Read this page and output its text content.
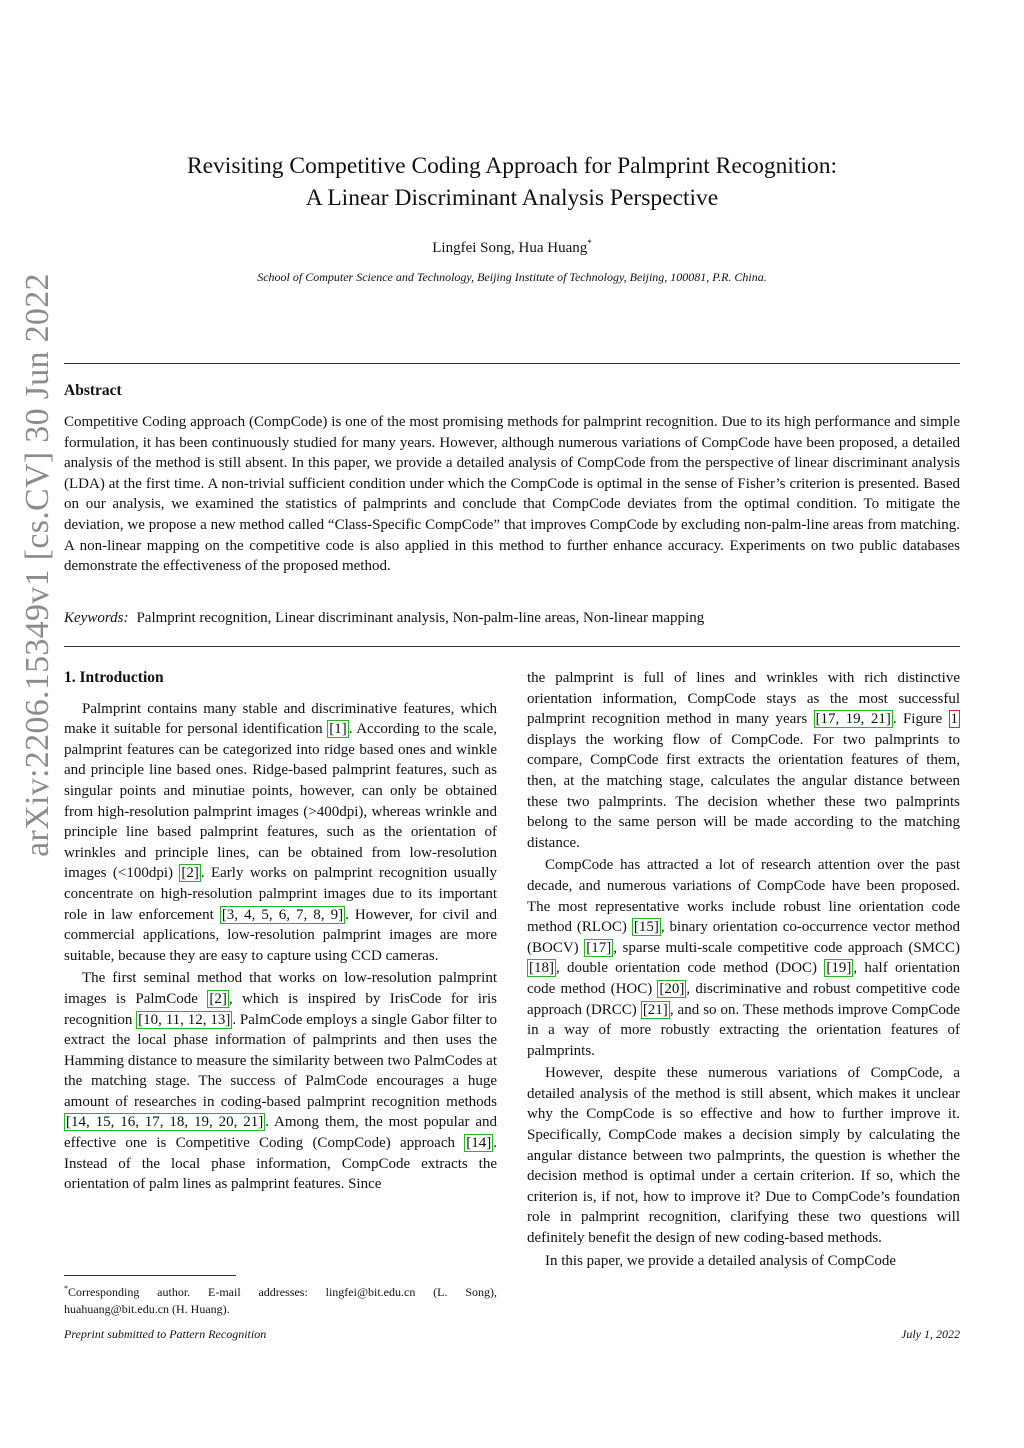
arXiv:2206.15349v1 [cs.CV] 30 Jun 2022
Revisiting Competitive Coding Approach for Palmprint Recognition:
A Linear Discriminant Analysis Perspective
Lingfei Song, Hua Huang*
School of Computer Science and Technology, Beijing Institute of Technology, Beijing, 100081, P.R. China.
Abstract
Competitive Coding approach (CompCode) is one of the most promising methods for palmprint recognition. Due to its high performance and simple formulation, it has been continuously studied for many years. However, although numerous variations of CompCode have been proposed, a detailed analysis of the method is still absent. In this paper, we provide a detailed analysis of CompCode from the perspective of linear discriminant analysis (LDA) at the first time. A non-trivial sufficient condition under which the CompCode is optimal in the sense of Fisher’s criterion is presented. Based on our analysis, we examined the statistics of palmprints and conclude that CompCode deviates from the optimal condition. To mitigate the deviation, we propose a new method called “Class-Specific CompCode” that improves CompCode by excluding non-palm-line areas from matching. A non-linear mapping on the competitive code is also applied in this method to further enhance accuracy. Experiments on two public databases demonstrate the effectiveness of the proposed method.
Keywords: Palmprint recognition, Linear discriminant analysis, Non-palm-line areas, Non-linear mapping
1. Introduction

Palmprint contains many stable and discriminative features, which make it suitable for personal identification [1] . According to the scale, palmprint features can be categorized into ridge based ones and winkle and principle line based ones. Ridge-based palmprint features, such as singular points and minutiae points, however, can only be obtained from high-resolution palmprint images (>400dpi), whereas wrinkle and principle line based palmprint features, such as the orientation of wrinkles and principle lines, can be obtained from low-resolution images (<100dpi) [2] . Early works on palmprint recognition usually concentrate on high-resolution palmprint images due to its important role in law enforcement [3, 4, 5, 6, 7, 8, 9] . However, for civil and commercial applications, low-resolution palmprint images are more suitable, because they are easy to capture using CCD cameras.

The first seminal method that works on low-resolution palmprint images is PalmCode [2] , which is inspired by IrisCode for iris recognition [10, 11, 12, 13] . PalmCode employs a single Gabor filter to extract the local phase information of palmprints and then uses the Hamming distance to measure the similarity between two PalmCodes at the matching stage. The success of PalmCode encourages a huge amount of researches in coding-based palmprint recognition methods [14, 15, 16, 17, 18, 19, 20, 21] . Among them, the most popular and effective one is Competitive Coding (CompCode) approach [14] . Instead of the local phase information, CompCode extracts the orientation of palm lines as palmprint features. Since

the palmprint is full of lines and wrinkles with rich distinctive orientation information, CompCode stays as the most successful palmprint recognition method in many years [17, 19, 21] . Figure 1 displays the working flow of CompCode. For two palmprints to compare, CompCode first extracts the orientation features of them, then, at the matching stage, calculates the angular distance between these two palmprints. The decision whether these two palmprints belong to the same person will be made according to the matching distance.

CompCode has attracted a lot of research attention over the past decade, and numerous variations of CompCode have been proposed. The most representative works include robust line orientation code method (RLOC) [15] , binary orientation co-occurrence vector method (BOCV) [17] , sparse multi-scale competitive code approach (SMCC) [18] , double orientation code method (DOC) [19] , half orientation code method (HOC) [20] , discriminative and robust competitive code approach (DRCC) [21] , and so on. These methods improve CompCode in a way of more robustly extracting the orientation features of palmprints.

However, despite these numerous variations of CompCode, a detailed analysis of the method is still absent, which makes it unclear why the CompCode is so effective and how to further improve it. Specifically, CompCode makes a decision simply by calculating the angular distance between two palmprints, the question is whether the decision method is optimal under a certain criterion. If so, which the criterion is, if not, how to improve it? Due to CompCode’s foundation role in palmprint recognition, clarifying these two questions will definitely benefit the design of new coding-based methods.

In this paper, we provide a detailed analysis of CompCode

*Corresponding author. E-mail addresses: lingfei@bit.edu.cn (L. Song), huahuang@bit.edu.cn (H. Huang).
Preprint submitted to Pattern Recognition	July 1, 2022
